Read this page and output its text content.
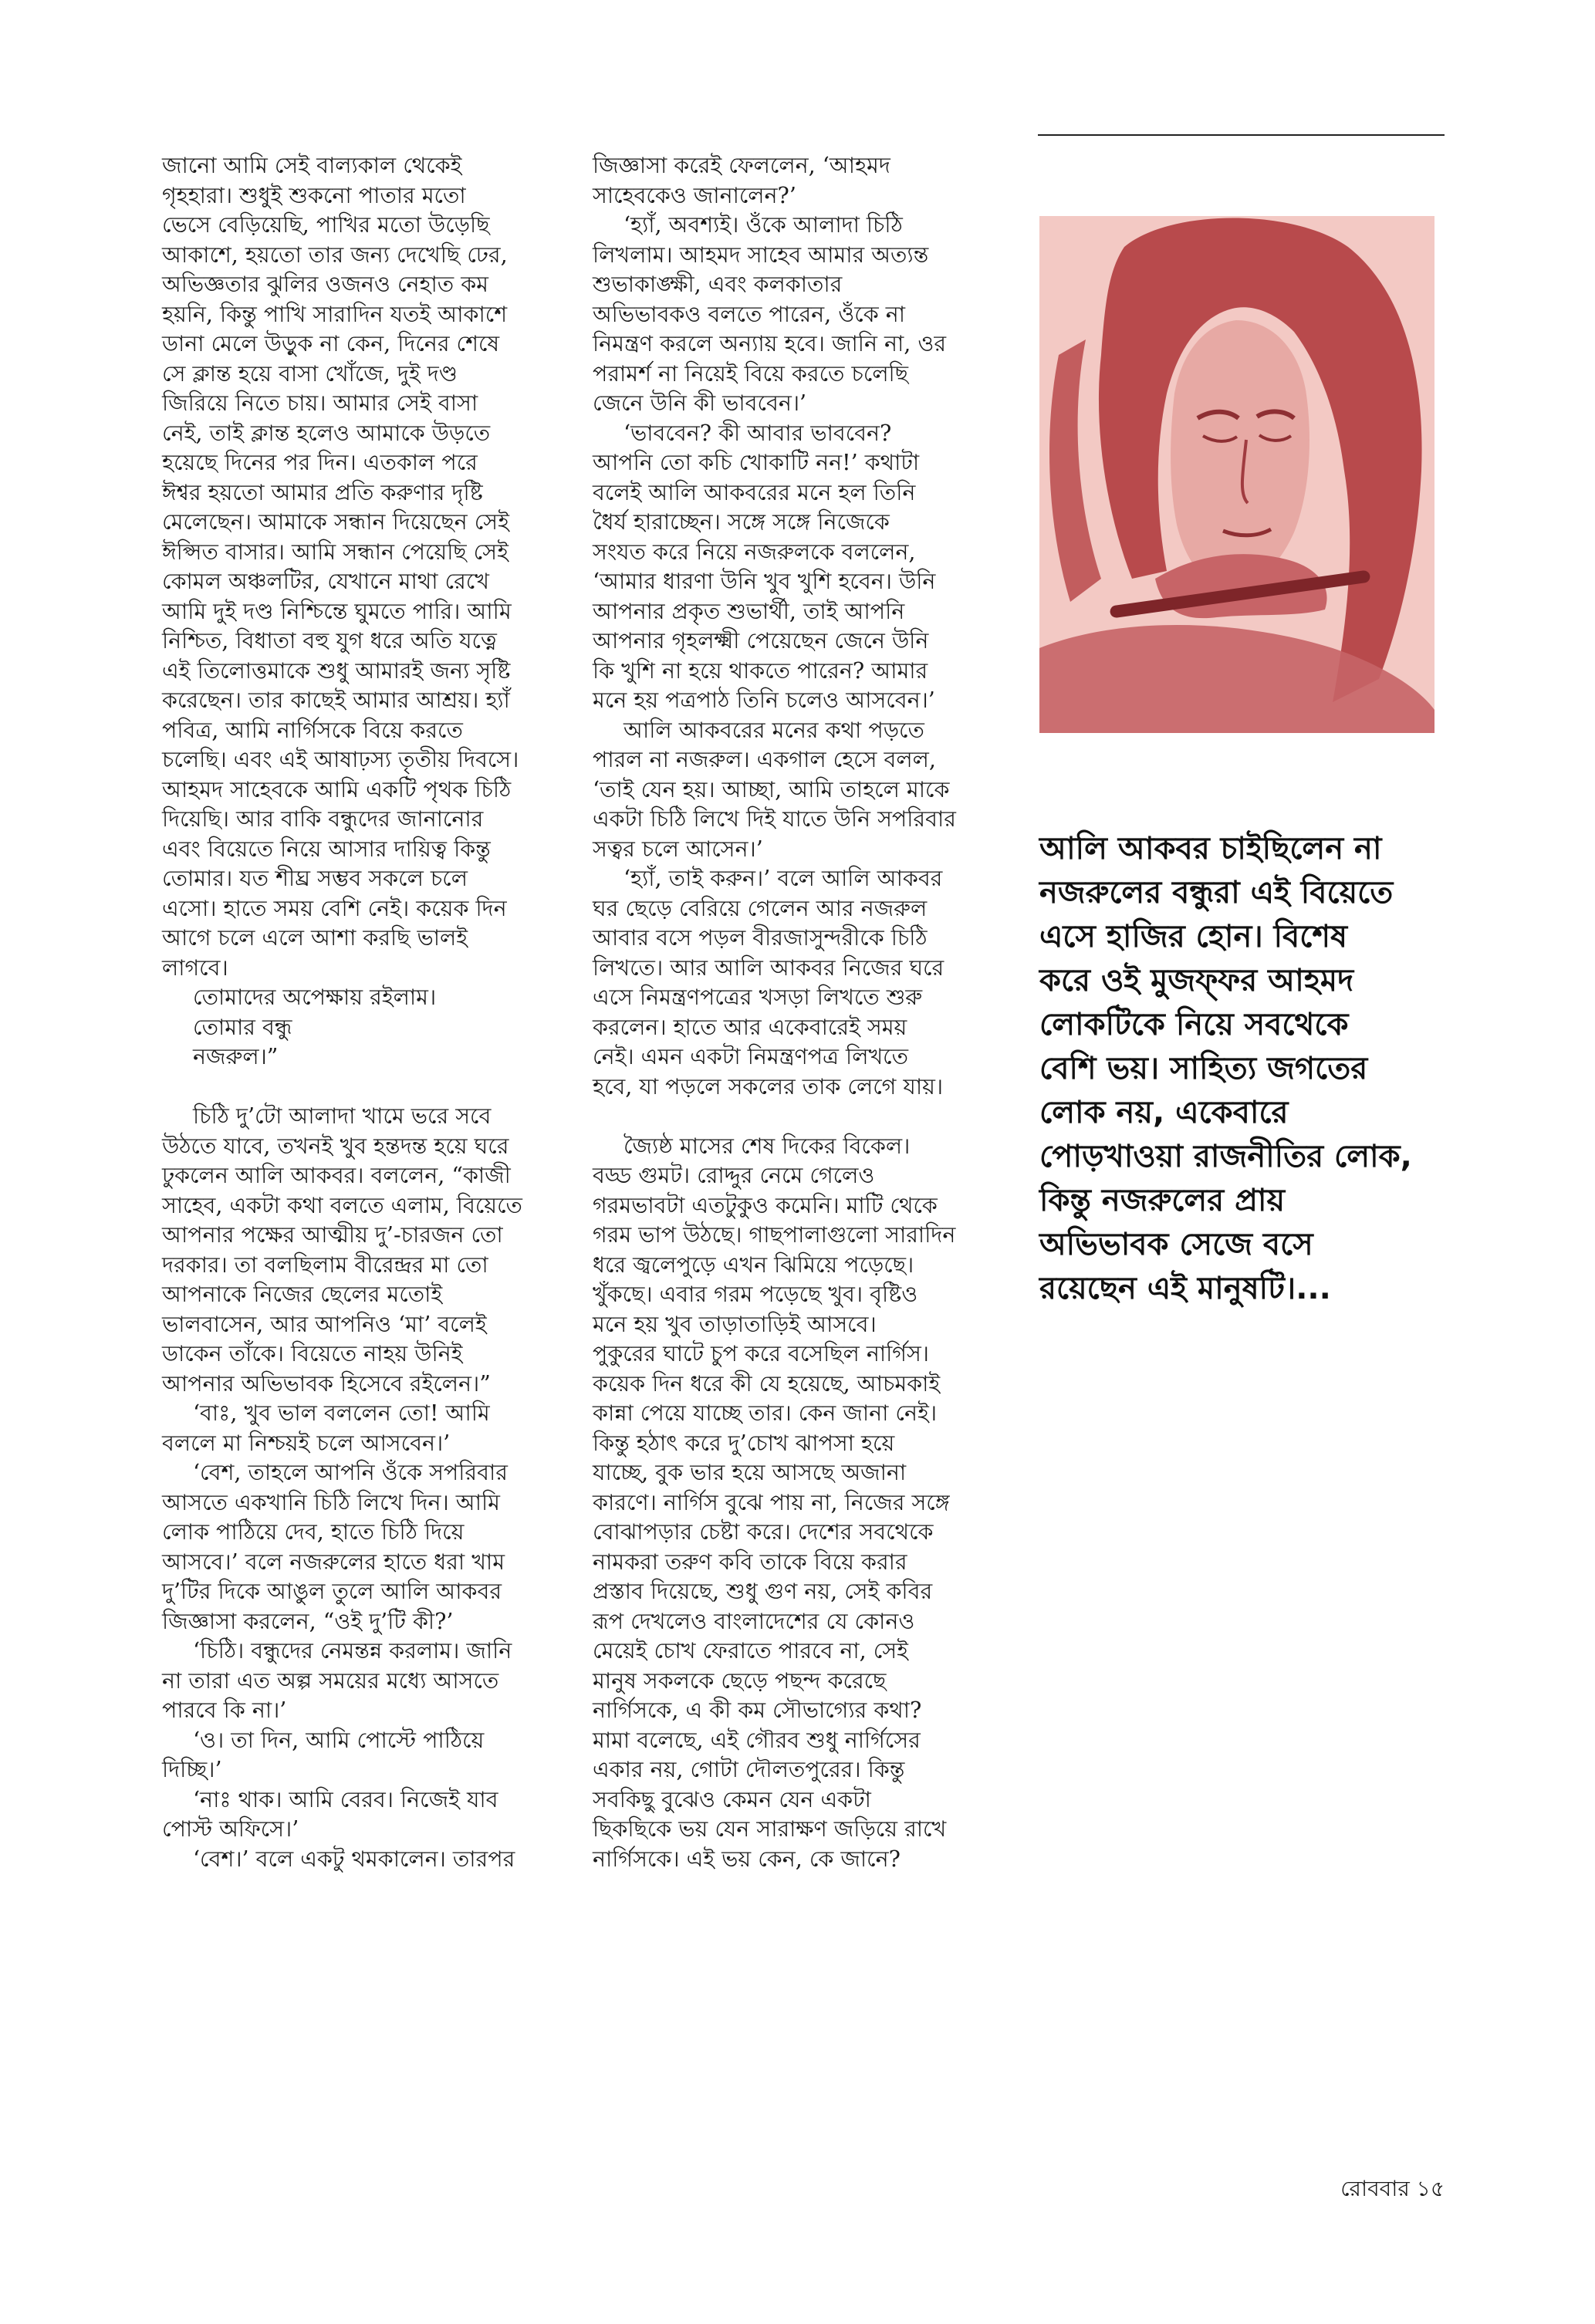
জানো আমি সেই বাল্যকাল থেকেই

গৃহহারা। শুধুই শুকনো পাতার মতো

ভেসে বেড়িয়েছি, পাখির মতো উড়েছি

আকাশে, হয়তো তার জন্য দেখেছি ঢের,

অভিজ্ঞতার ঝুলির ওজনও নেহাত কম

হয়নি, কিন্তু পাখি সারাদিন যতই আকাশে

ডানা মেলে উড়ুক না কেন, দিনের শেষে

সে ক্লান্ত হয়ে বাসা খোঁজে, দুই দণ্ড

জিরিয়ে নিতে চায়। আমার সেই বাসা

নেই, তাই ক্লান্ত হলেও আমাকে উড়তে

হয়েছে দিনের পর দিন। এতকাল পরে

ঈশ্বর হয়তো আমার প্রতি করুণার দৃষ্টি

মেলেছেন। আমাকে সন্ধান দিয়েছেন সেই

ঈপ্সিত বাসার। আমি সন্ধান পেয়েছি সেই

কোমল অঞ্চলটির, যেখানে মাথা রেখে

আমি দুই দণ্ড নিশ্চিন্তে ঘুমতে পারি। আমি

নিশ্চিত, বিধাতা বহু যুগ ধরে অতি যত্নে

এই তিলোত্তমাকে শুধু আমারই জন্য সৃষ্টি

করেছেন। তার কাছেই আমার আশ্রয়। হ্যাঁ

পবিত্র, আমি নার্গিসকে বিয়ে করতে

চলেছি। এবং এই আষাঢ়স্য তৃতীয় দিবসে।

আহমদ সাহেবকে আমি একটি পৃথক চিঠি

দিয়েছি। আর বাকি বন্ধুদের জানানোর

এবং বিয়েতে নিয়ে আসার দায়িত্ব কিন্তু

তোমার। যত শীঘ্র সম্ভব সকলে চলে

এসো। হাতে সময় বেশি নেই। কয়েক দিন

আগে চলে এলে আশা করছি ভালই

লাগবে।

তোমাদের অপেক্ষায় রইলাম।

তোমার বন্ধু

নজরুল।”

চিঠি দু’টো আলাদা খামে ভরে সবে

উঠতে যাবে, তখনই খুব হন্তদন্ত হয়ে ঘরে

ঢুকলেন আলি আকবর। বললেন, “কাজী

সাহেব, একটা কথা বলতে এলাম, বিয়েতে

আপনার পক্ষের আত্মীয় দু’-চারজন তো

দরকার। তা বলছিলাম বীরেন্দ্রর মা তো

আপনাকে নিজের ছেলের মতোই

ভালবাসেন, আর আপনিও ‘মা’ বলেই

ডাকেন তাঁকে। বিয়েতে নাহয় উনিই

আপনার অভিভাবক হিসেবে রইলেন।”

‘বাঃ, খুব ভাল বললেন তো! আমি

বললে মা নিশ্চয়ই চলে আসবেন।’

‘বেশ, তাহলে আপনি ওঁকে সপরিবার

আসতে একখানি চিঠি লিখে দিন। আমি

লোক পাঠিয়ে দেব, হাতে চিঠি দিয়ে

আসবে।’ বলে নজরুলের হাতে ধরা খাম

দু’টির দিকে আঙুল তুলে আলি আকবর

জিজ্ঞাসা করলেন, “ওই দু’টি কী?’

‘চিঠি। বন্ধুদের নেমন্তন্ন করলাম। জানি

না তারা এত অল্প সময়ের মধ্যে আসতে

পারবে কি না।’

‘ও। তা দিন, আমি পোস্টে পাঠিয়ে

দিচ্ছি।’

‘নাঃ থাক। আমি বেরব। নিজেই যাব

পোস্ট অফিসে।’

‘বেশ।’ বলে একটু থমকালেন। তারপর

জিজ্ঞাসা করেই ফেললেন, ‘আহমদ

সাহেবকেও জানালেন?’

‘হ্যাঁ, অবশ্যই। ওঁকে আলাদা চিঠি

লিখলাম। আহমদ সাহেব আমার অত্যন্ত

শুভাকাঙ্ক্ষী, এবং কলকাতার

অভিভাবকও বলতে পারেন, ওঁকে না

নিমন্ত্রণ করলে অন্যায় হবে। জানি না, ওর

পরামর্শ না নিয়েই বিয়ে করতে চলেছি

জেনে উনি কী ভাববেন।’

‘ভাববেন? কী আবার ভাববেন?

আপনি তো কচি খোকাটি নন!’ কথাটা

বলেই আলি আকবরের মনে হল তিনি

ধৈর্য হারাচ্ছেন। সঙ্গে সঙ্গে নিজেকে

সংযত করে নিয়ে নজরুলকে বললেন,

‘আমার ধারণা উনি খুব খুশি হবেন। উনি

আপনার প্রকৃত শুভার্থী, তাই আপনি

আপনার গৃহলক্ষ্মী পেয়েছেন জেনে উনি

কি খুশি না হয়ে থাকতে পারেন? আমার

মনে হয় পত্রপাঠ তিনি চলেও আসবেন।’

আলি আকবরের মনের কথা পড়তে

পারল না নজরুল। একগাল হেসে বলল,

‘তাই যেন হয়। আচ্ছা, আমি তাহলে মাকে

একটা চিঠি লিখে দিই যাতে উনি সপরিবার

সত্বর চলে আসেন।’

‘হ্যাঁ, তাই করুন।’ বলে আলি আকবর

ঘর ছেড়ে বেরিয়ে গেলেন আর নজরুল

আবার বসে পড়ল বীরজাসুন্দরীকে চিঠি

লিখতে। আর আলি আকবর নিজের ঘরে

এসে নিমন্ত্রণপত্রের খসড়া লিখতে শুরু

করলেন। হাতে আর একেবারেই সময়

নেই। এমন একটা নিমন্ত্রণপত্র লিখতে

হবে, যা পড়লে সকলের তাক লেগে যায়।

জ্যৈষ্ঠ মাসের শেষ দিকের বিকেল।

বড্ড গুমট। রোদ্দুর নেমে গেলেও

গরমভাবটা এতটুকুও কমেনি। মাটি থেকে

গরম ভাপ উঠছে। গাছপালাগুলো সারাদিন

ধরে জ্বলেপুড়ে এখন ঝিমিয়ে পড়েছে।

খুঁকছে। এবার গরম পড়েছে খুব। বৃষ্টিও

মনে হয় খুব তাড়াতাড়িই আসবে।

পুকুরের ঘাটে চুপ করে বসেছিল নার্গিস।

কয়েক দিন ধরে কী যে হয়েছে, আচমকাই

কান্না পেয়ে যাচ্ছে তার। কেন জানা নেই।

কিন্তু হঠাৎ করে দু’চোখ ঝাপসা হয়ে

যাচ্ছে, বুক ভার হয়ে আসছে অজানা

কারণে। নার্গিস বুঝে পায় না, নিজের সঙ্গে

বোঝাপড়ার চেষ্টা করে। দেশের সবথেকে

নামকরা তরুণ কবি তাকে বিয়ে করার

প্রস্তাব দিয়েছে, শুধু গুণ নয়, সেই কবির

রূপ দেখলেও বাংলাদেশের যে কোনও

মেয়েই চোখ ফেরাতে পারবে না, সেই

মানুষ সকলকে ছেড়ে পছন্দ করেছে

নার্গিসকে, এ কী কম সৌভাগ্যের কথা?

মামা বলেছে, এই গৌরব শুধু নার্গিসের

একার নয়, গোটা দৌলতপুরের। কিন্তু

সবকিছু বুঝেও কেমন যেন একটা

ছিকছিকে ভয় যেন সারাক্ষণ জড়িয়ে রাখে

নার্গিসকে। এই ভয় কেন, কে জানে?

আলি আকবর চাইছিলেন না

নজরুলের বন্ধুরা এই বিয়েতে

এসে হাজির হোন। বিশেষ

করে ওই মুজফ্ফর আহমদ

লোকটিকে নিয়ে সবথেকে

বেশি ভয়। সাহিত্য জগতের

লোক নয়, একেবারে

পোড়খাওয়া রাজনীতির লোক,

কিন্তু নজরুলের প্রায়

অভিভাবক সেজে বসে

রয়েছেন এই মানুষটি।...

রোববার ১৫
